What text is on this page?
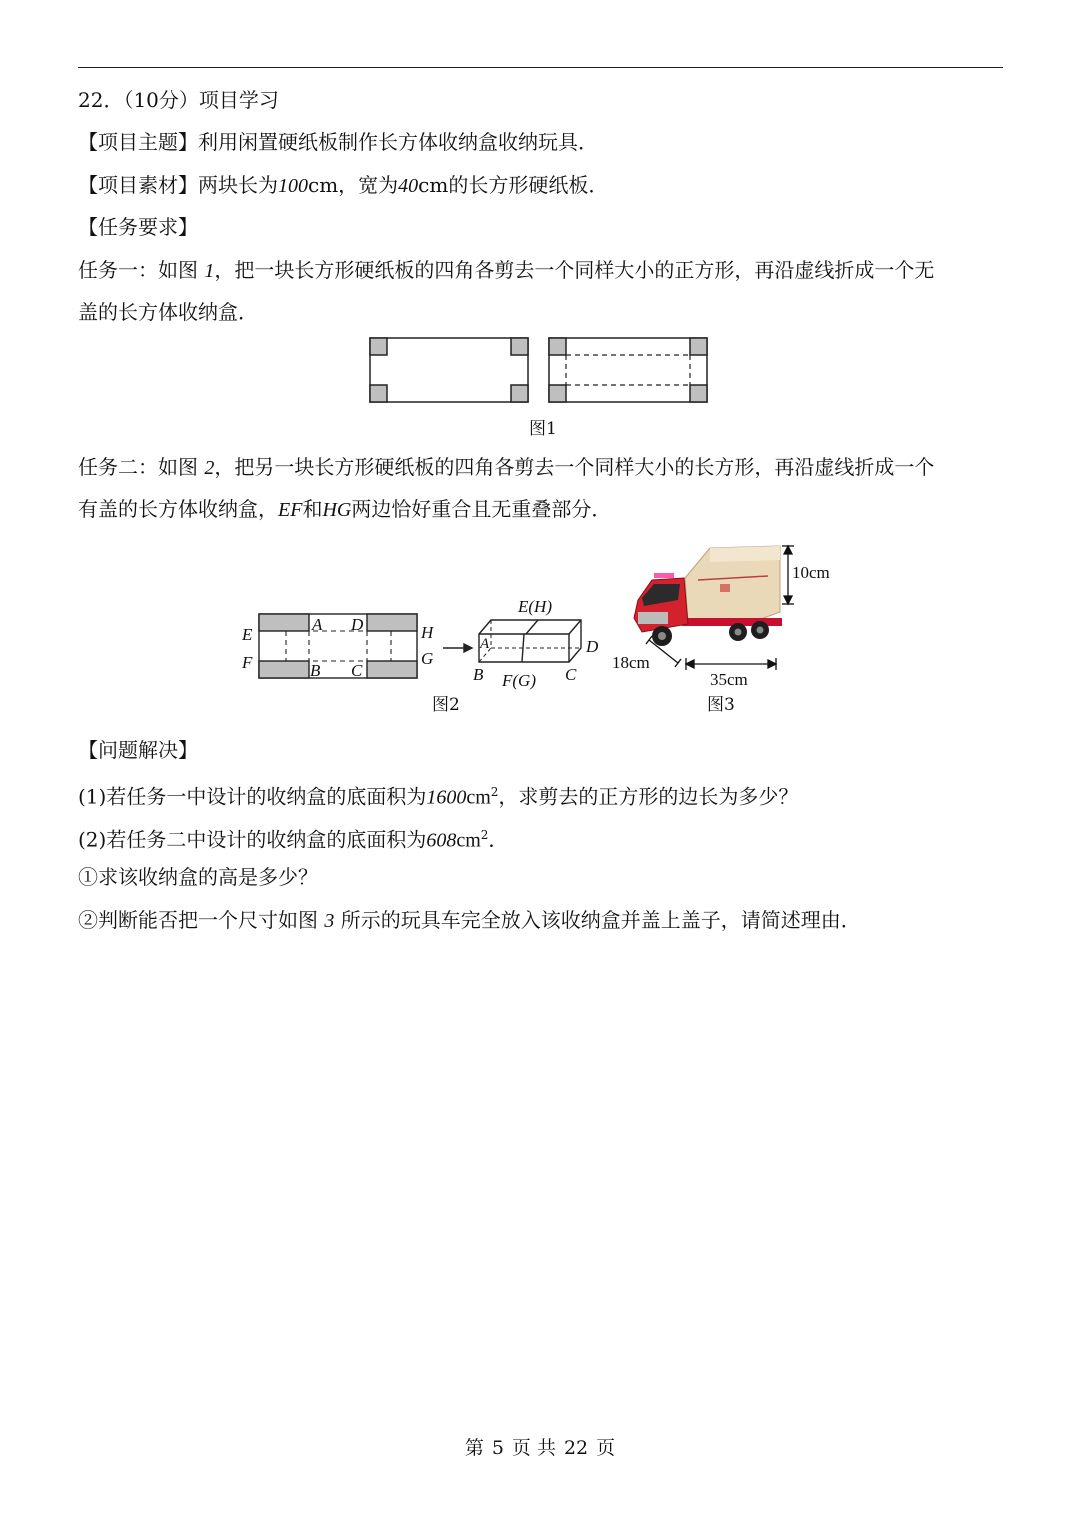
22．（10分）项目学习
【项目主题】利用闲置硬纸板制作长方体收纳盒收纳玩具．
【项目素材】两块长为100cm，宽为40cm的长方形硬纸板．
【任务要求】
任务一：如图 1，把一块长方形硬纸板的四角各剪去一个同样大小的正方形，再沿虚线折成一个无
盖的长方体收纳盒．
图1
任务二：如图 2，把另一块长方形硬纸板的四角各剪去一个同样大小的长方形，再沿虚线折成一个
有盖的长方体收纳盒，EF和HG两边恰好重合且无重叠部分．
E
F
A D
B C
H
G
E(H)
A	D
B	C
F(G)
10cm
18cm
35cm
图2	图3
【问题解决】
(1)若任务一中设计的收纳盒的底面积为$1600cm^2$，求剪去的正方形的边长为多少？
(2)若任务二中设计的收纳盒的底面积为$608cm^2$．
①求该收纳盒的高是多少？
②判断能否把一个尺寸如图 3 所示的玩具车完全放入该收纳盒并盖上盖子，请简述理由．
第 5 页 共 22 页
